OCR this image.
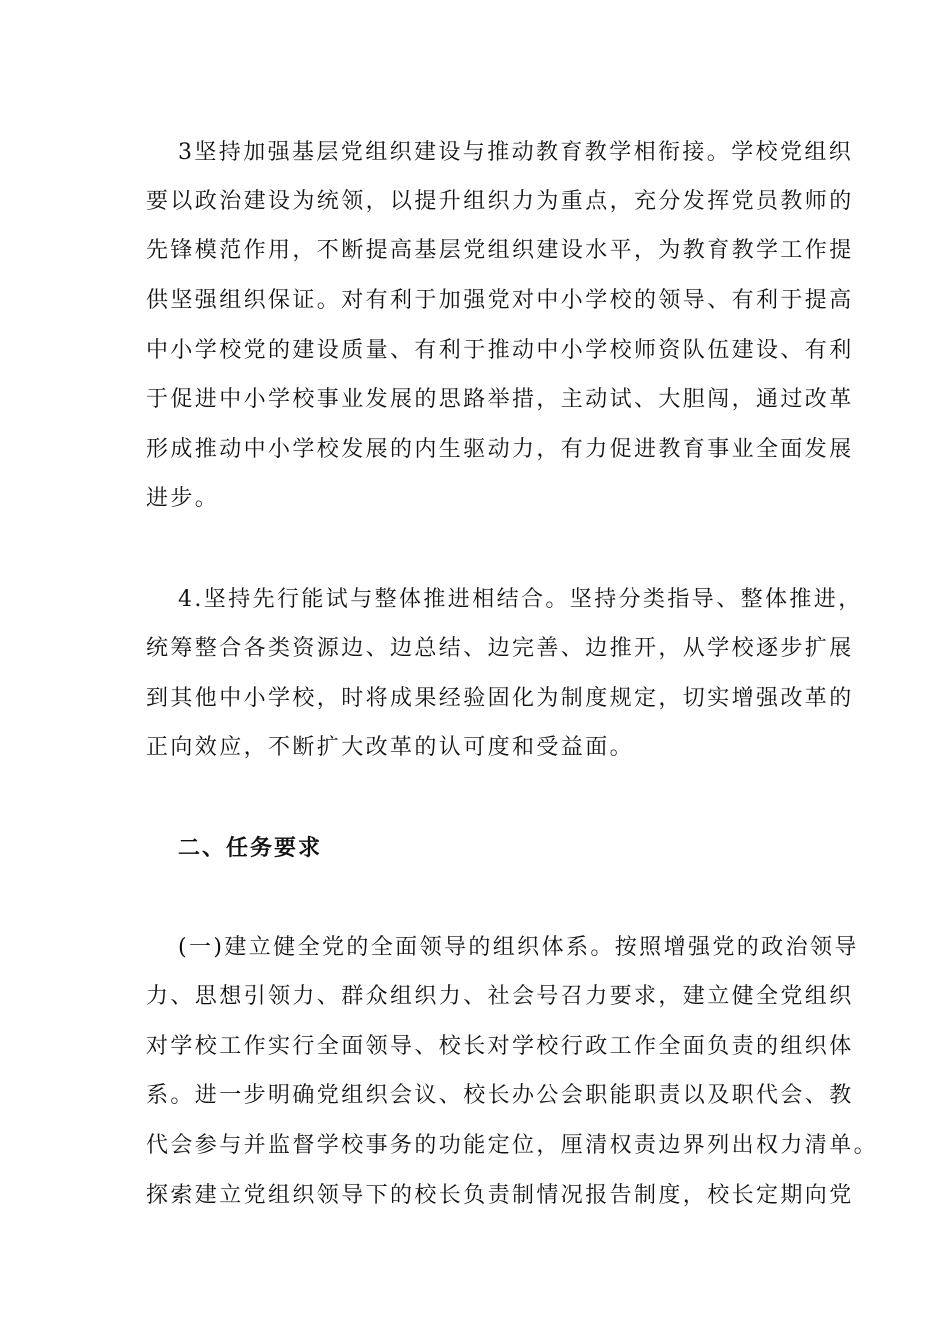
3坚持加强基层党组织建设与推动教育教学相衔接。学校党组织
要以政治建设为统领，以提升组织力为重点，充分发挥党员教师的
先锋模范作用，不断提高基层党组织建设水平，为教育教学工作提
供坚强组织保证。对有利于加强党对中小学校的领导、有利于提高
中小学校党的建设质量、有利于推动中小学校师资队伍建设、有利
于促进中小学校事业发展的思路举措，主动试、大胆闯，通过改革
形成推动中小学校发展的内生驱动力，有力促进教育事业全面发展
进步。
4.坚持先行能试与整体推进相结合。坚持分类指导、整体推进，
统筹整合各类资源边、边总结、边完善、边推开，从学校逐步扩展
到其他中小学校，时将成果经验固化为制度规定，切实增强改革的
正向效应，不断扩大改革的认可度和受益面。
二、任务要求
(一)建立健全党的全面领导的组织体系。按照增强党的政治领导
力、思想引领力、群众组织力、社会号召力要求，建立健全党组织
对学校工作实行全面领导、校长对学校行政工作全面负责的组织体
系。进一步明确党组织会议、校长办公会职能职责以及职代会、教
代会参与并监督学校事务的功能定位，厘清权责边界列出权力清单。
探索建立党组织领导下的校长负责制情况报告制度，校长定期向党
